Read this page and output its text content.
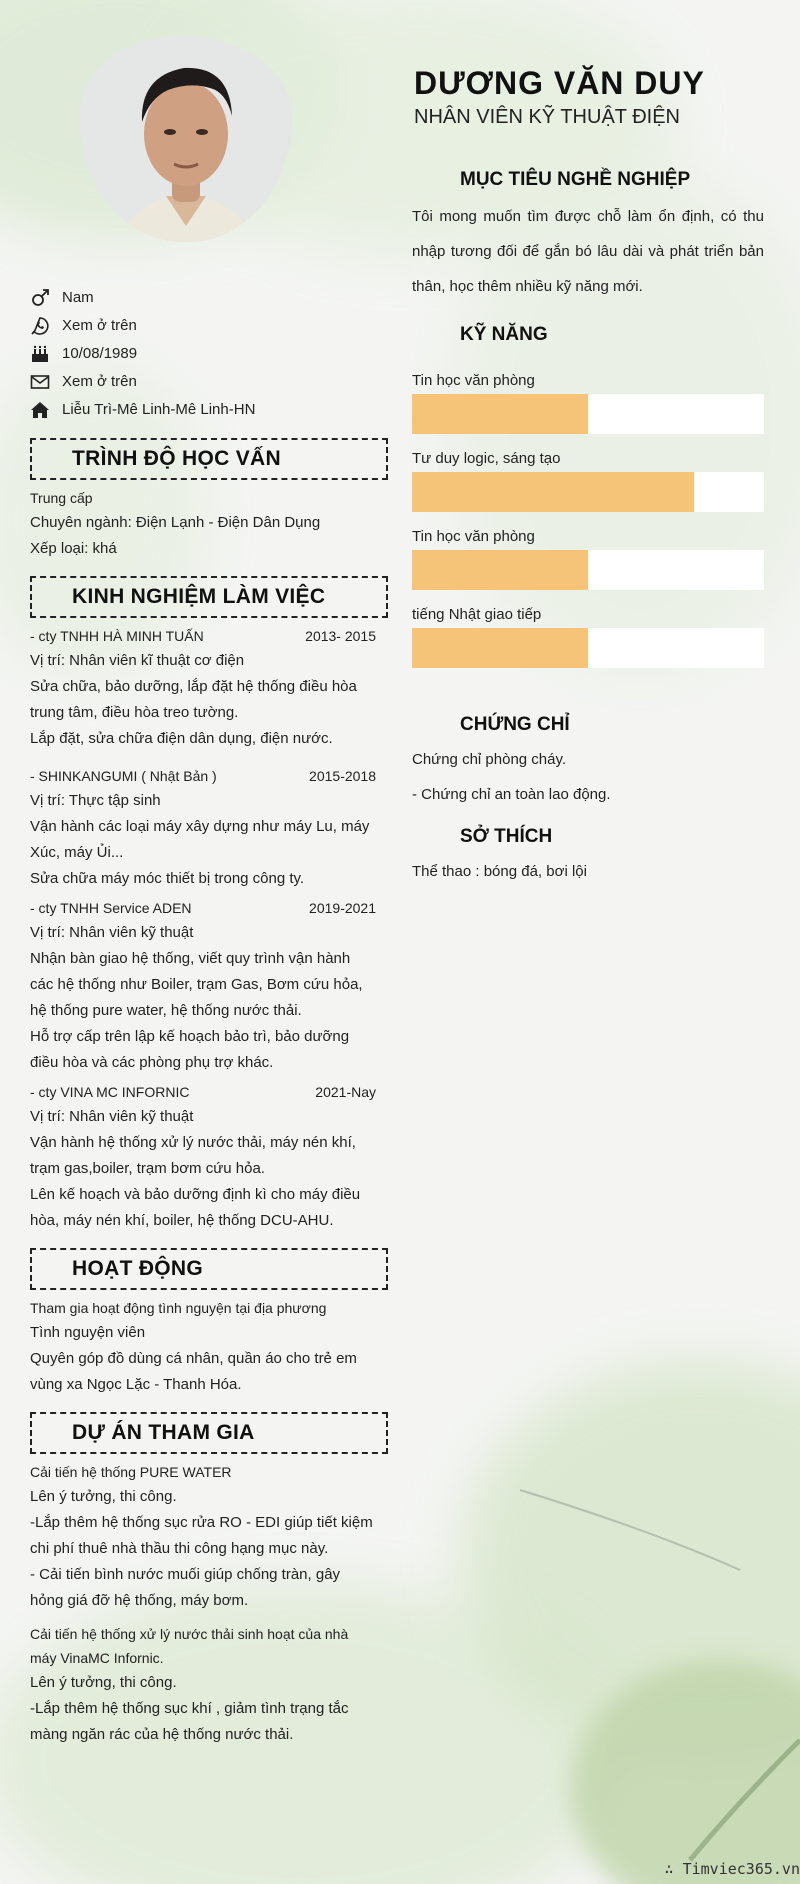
Nam
Xem ở trên
10/08/1989
Xem ở trên
Liễu Trì-Mê Linh-Mê Linh-HN
TRÌNH ĐỘ HỌC VẤN
Trung cấp
Chuyên ngành: Điện Lạnh - Điện Dân Dụng
Xếp loại: khá
KINH NGHIỆM LÀM VIỆC
- cty TNHH HÀ MINH TUẤN	2013- 2015
Vị trí: Nhân viên kĩ thuật cơ điện
Sửa chữa, bảo dưỡng, lắp đặt hệ thống điều hòa
trung tâm, điều hòa treo tường.
Lắp đặt, sửa chữa điện dân dụng, điện nước.
- SHINKANGUMI ( Nhật Bản )	2015-2018
Vị trí: Thực tập sinh
Vận hành các loại máy xây dựng như máy Lu, máy
Xúc, máy Ủi...
Sửa chữa máy móc thiết bị trong công ty.
- cty TNHH Service ADEN	2019-2021
Vị trí: Nhân viên kỹ thuật
Nhận bàn giao hệ thống, viết quy trình vận hành
các hệ thống như Boiler, trạm Gas, Bơm cứu hỏa,
hệ thống pure water, hệ thống nước thải.
Hỗ trợ cấp trên lập kế hoạch bảo trì, bảo dưỡng
điều hòa và các phòng phụ trợ khác.
- cty VINA MC INFORNIC	2021-Nay
Vị trí: Nhân viên kỹ thuật
Vận hành hệ thống xử lý nước thải, máy nén khí,
trạm gas,boiler, trạm bơm cứu hỏa.
Lên kế hoạch và bảo dưỡng định kì cho máy điều
hòa, máy nén khí, boiler, hệ thống DCU-AHU.
HOẠT ĐỘNG
Tham gia hoạt động tình nguyện tại địa phương
Tình nguyện viên
Quyên góp đồ dùng cá nhân, quần áo cho trẻ em
vùng xa Ngọc Lặc - Thanh Hóa.
DỰ ÁN THAM GIA
Cải tiến hệ thống PURE WATER
Lên ý tưởng, thi công.
-Lắp thêm hệ thống sục rửa RO - EDI giúp tiết kiệm
chi phí thuê nhà thầu thi công hạng mục này.
- Cải tiến bình nước muối giúp chống tràn, gây
hỏng giá đỡ hệ thống, máy bơm.
Cải tiến hệ thống xử lý nước thải sinh hoạt của nhà
máy VinaMC Infornic.
Lên ý tưởng, thi công.
-Lắp thêm hệ thống sục khí , giảm tình trạng tắc
màng ngăn rác của hệ thống nước thải.
DƯƠNG VĂN DUY
NHÂN VIÊN KỸ THUẬT ĐIỆN
MỤC TIÊU NGHỀ NGHIỆP
Tôi mong muốn tìm được chỗ làm ổn định, có thu nhập tương đối để gắn bó lâu dài và phát triển bản thân, học thêm nhiều kỹ năng mới.
KỸ NĂNG
Tin học văn phòng
Tư duy logic, sáng tạo
Tin học văn phòng
tiếng Nhật giao tiếp
CHỨNG CHỈ
Chứng chỉ phòng cháy.
- Chứng chỉ an toàn lao động.
SỞ THÍCH
Thể thao : bóng đá, bơi lội
∴ Timviec365.vn
